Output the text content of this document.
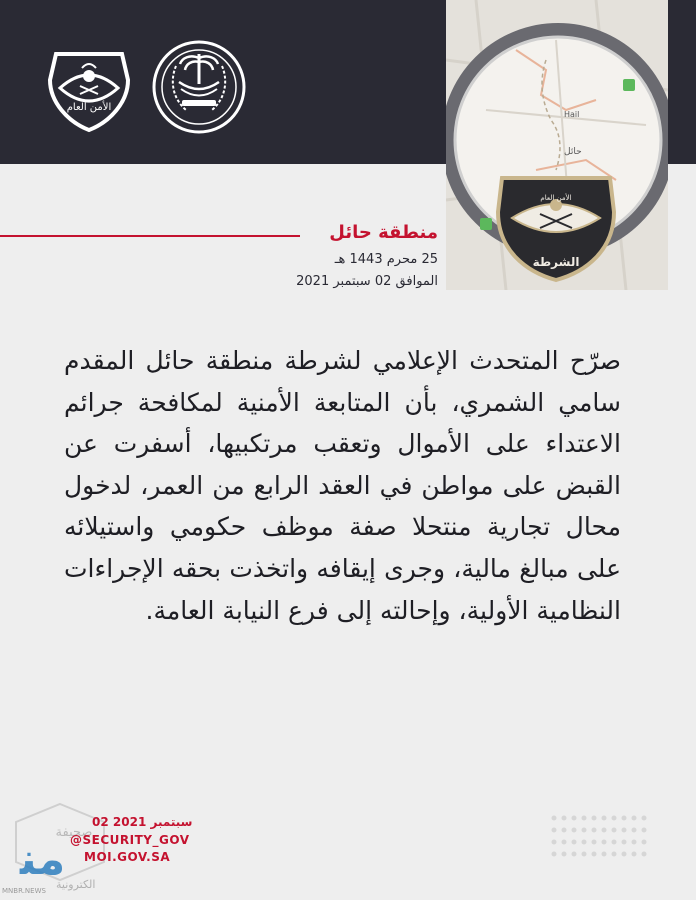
الأمن العام
Hail
حائل
الشرطة
الأمن العام
منطقة حائل
25 محرم 1443 هـ
الموافق 02 سبتمبر 2021

صرّح المتحدث الإعلامي لشرطة منطقة حائل المقدم سامي الشمري، بأن المتابعة الأمنية لمكافحة جرائم الاعتداء على الأموال وتعقب مرتكبيها، أسفرت عن القبض على مواطن في العقد الرابع من العمر، لدخول محال تجارية منتحلا صفة موظف حكومي واستيلائه على مبالغ مالية، وجرى إيقافه واتخذت بحقه الإجراءات النظامية الأولية، وإحالته إلى فرع النيابة العامة.

صحيفة
ﻣﻨ
الكترونية
MNBR.NEWS
02 سبتمبر 2021
@SECURITY_GOV
MOI.GOV.SA
